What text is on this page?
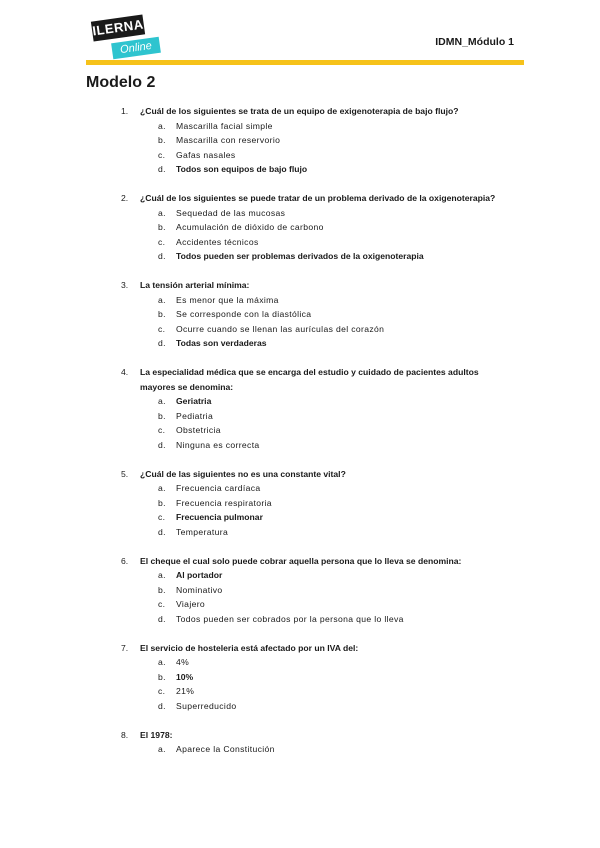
ILERNA
Online	IDMN_Módulo 1
Modelo 2
1. ¿Cuál de los siguientes se trata de un equipo de exigenoterapia de bajo flujo?
a. Mascarilla facial simple
b. Mascarilla con reservorio
c. Gafas nasales
d. Todos son equipos de bajo flujo
2. ¿Cuál de los siguientes se puede tratar de un problema derivado de la oxigenoterapia?
a. Sequedad de las mucosas
b. Acumulación de dióxido de carbono
c. Accidentes técnicos
d. Todos pueden ser problemas derivados de la oxigenoterapia
3. La tensión arterial mínima:
a. Es menor que la máxima
b. Se corresponde con la diastólica
c. Ocurre cuando se llenan las aurículas del corazón
d. Todas son verdaderas
4. La especialidad médica que se encarga del estudio y cuidado de pacientes adultos mayores se denomina:
a. Geriatria
b. Pediatria
c. Obstetricia
d. Ninguna es correcta
5. ¿Cuál de las siguientes no es una constante vital?
a. Frecuencia cardíaca
b. Frecuencia respiratoria
c. Frecuencia pulmonar
d. Temperatura
6. El cheque el cual solo puede cobrar aquella persona que lo lleva se denomina:
a. Al portador
b. Nominativo
c. Viajero
d. Todos pueden ser cobrados por la persona que lo lleva
7. El servicio de hosteleria está afectado por un IVA del:
a. 4%
b. 10%
c. 21%
d. Superreducido
8. El 1978:
a. Aparece la Constitución
